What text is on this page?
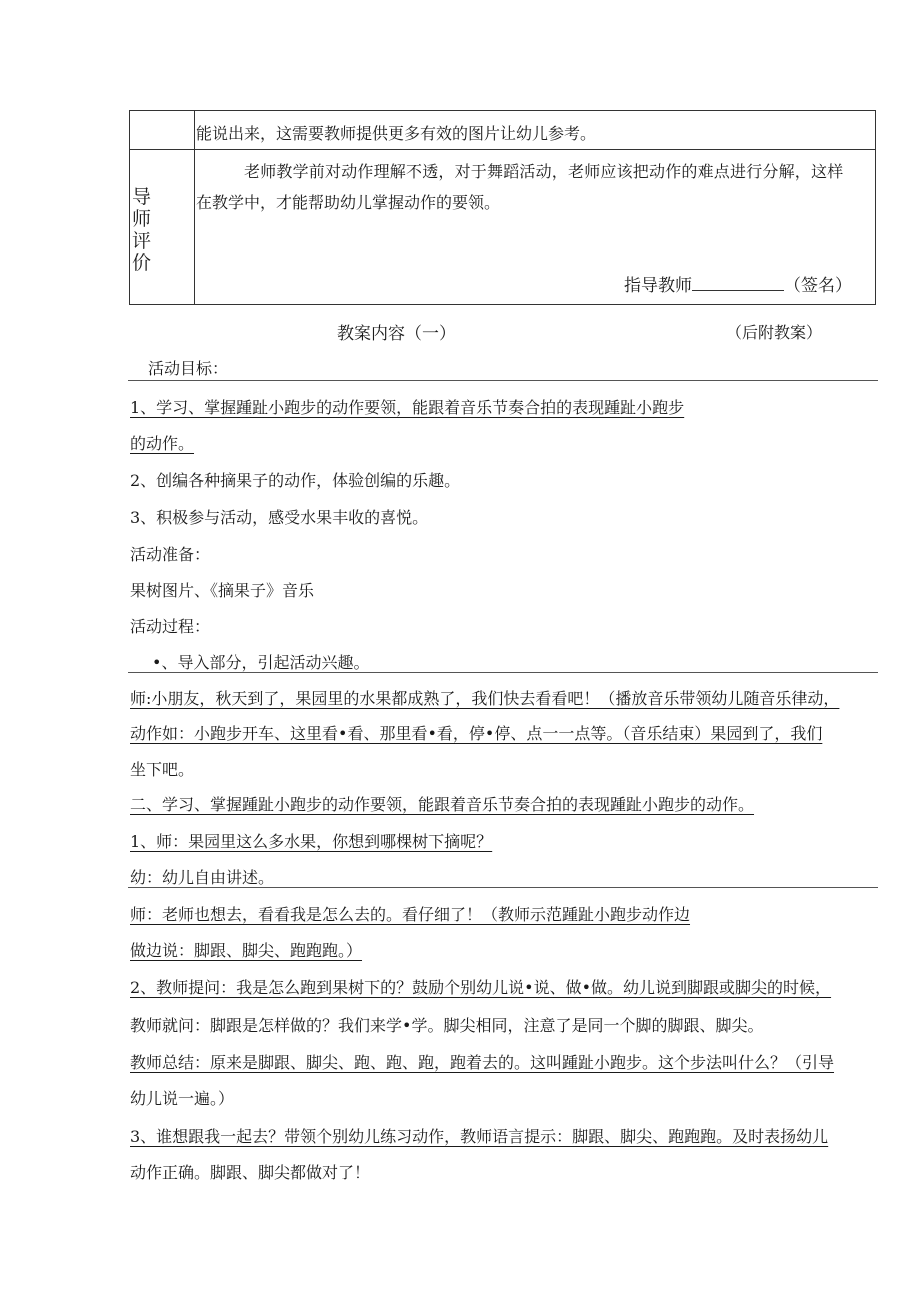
能说出来，这需要教师提供更多有效的图片让幼儿参考。
导师评价
老师教学前对动作理解不透，对于舞蹈活动，老师应该把动作的难点进行分解，这样
在教学中，才能帮助幼儿掌握动作的要领。
指导教师	（签名）
教案内容（一）	（后附教案）
活动目标：
1、学习、掌握踵趾小跑步的动作要领，能跟着音乐节奏合拍的表现踵趾小跑步
的动作。
2、创编各种摘果子的动作，体验创编的乐趣。
3、积极参与活动，感受水果丰收的喜悦。
活动准备：
果树图片、《摘果子》音乐
活动过程：
•、导入部分，引起活动兴趣。
师:小朋友，秋天到了，果园里的水果都成熟了，我们快去看看吧！（播放音乐带领幼儿随音乐律动，
动作如：小跑步开车、这里看•看、那里看•看，停•停、点一一点等。（音乐结束）果园到了，我们
坐下吧。
二、学习、掌握踵趾小跑步的动作要领，能跟着音乐节奏合拍的表现踵趾小跑步的动作。
1、师：果园里这么多水果，你想到哪棵树下摘呢？
幼：幼儿自由讲述。
师：老师也想去，看看我是怎么去的。看仔细了！（教师示范踵趾小跑步动作边
做边说：脚跟、脚尖、跑跑跑。）
2、教师提问：我是怎么跑到果树下的？鼓励个别幼儿说•说、做•做。幼儿说到脚跟或脚尖的时候，
教师就问：脚跟是怎样做的？我们来学•学。脚尖相同，注意了是同一个脚的脚跟、脚尖。
教师总结：原来是脚跟、脚尖、跑、跑、跑，跑着去的。这叫踵趾小跑步。这个步法叫什么？（引导
幼儿说一遍。）
3、谁想跟我一起去？带领个别幼儿练习动作，教师语言提示：脚跟、脚尖、跑跑跑。及时表扬幼儿
动作正确。脚跟、脚尖都做对了！
